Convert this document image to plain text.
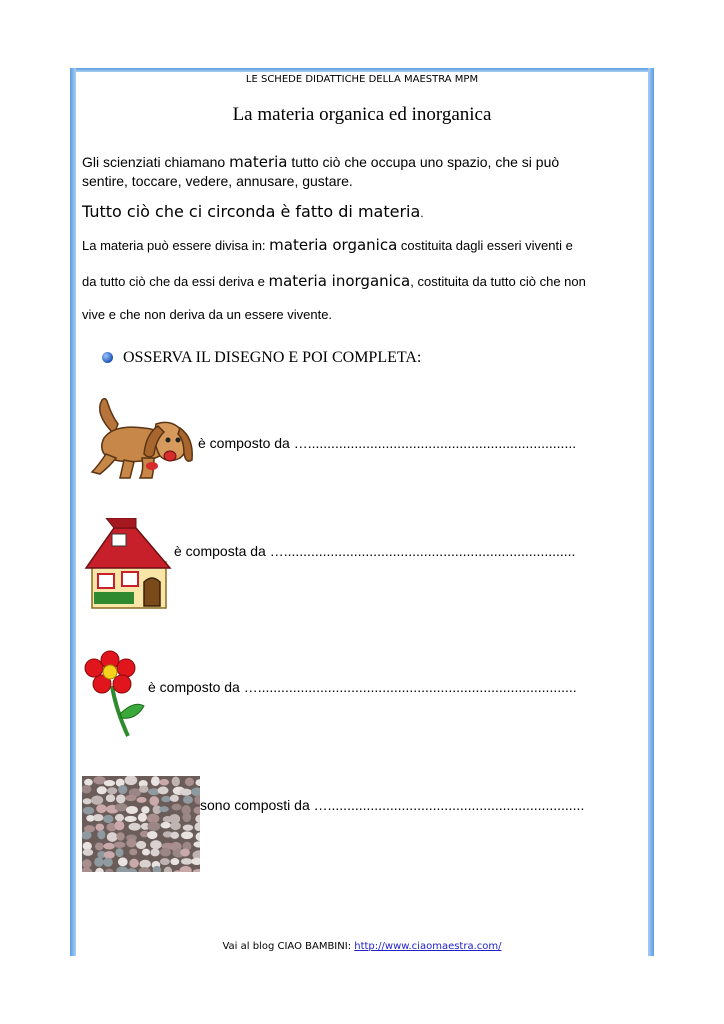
LE SCHEDE DIDATTICHE DELLA MAESTRA MPM
La materia organica ed inorganica
Gli scienziati chiamano materia tutto ciò che occupa uno spazio, che si può
sentire, toccare, vedere, annusare, gustare.
Tutto ciò che ci circonda è fatto di materia.
La materia può essere divisa in: materia organica costituita dagli esseri viventi e
da tutto ciò che da essi deriva e materia inorganica, costituita da tutto ciò che non
vive e che non deriva da un essere vivente.
OSSERVA IL DISEGNO E POI COMPLETA:
è composto da ….....................................................................
è composta da …...........................................................................
è composto da …..................................................................................
sono composti da …..................................................................
Vai al blog CIAO BAMBINI: http://www.ciaomaestra.com/
